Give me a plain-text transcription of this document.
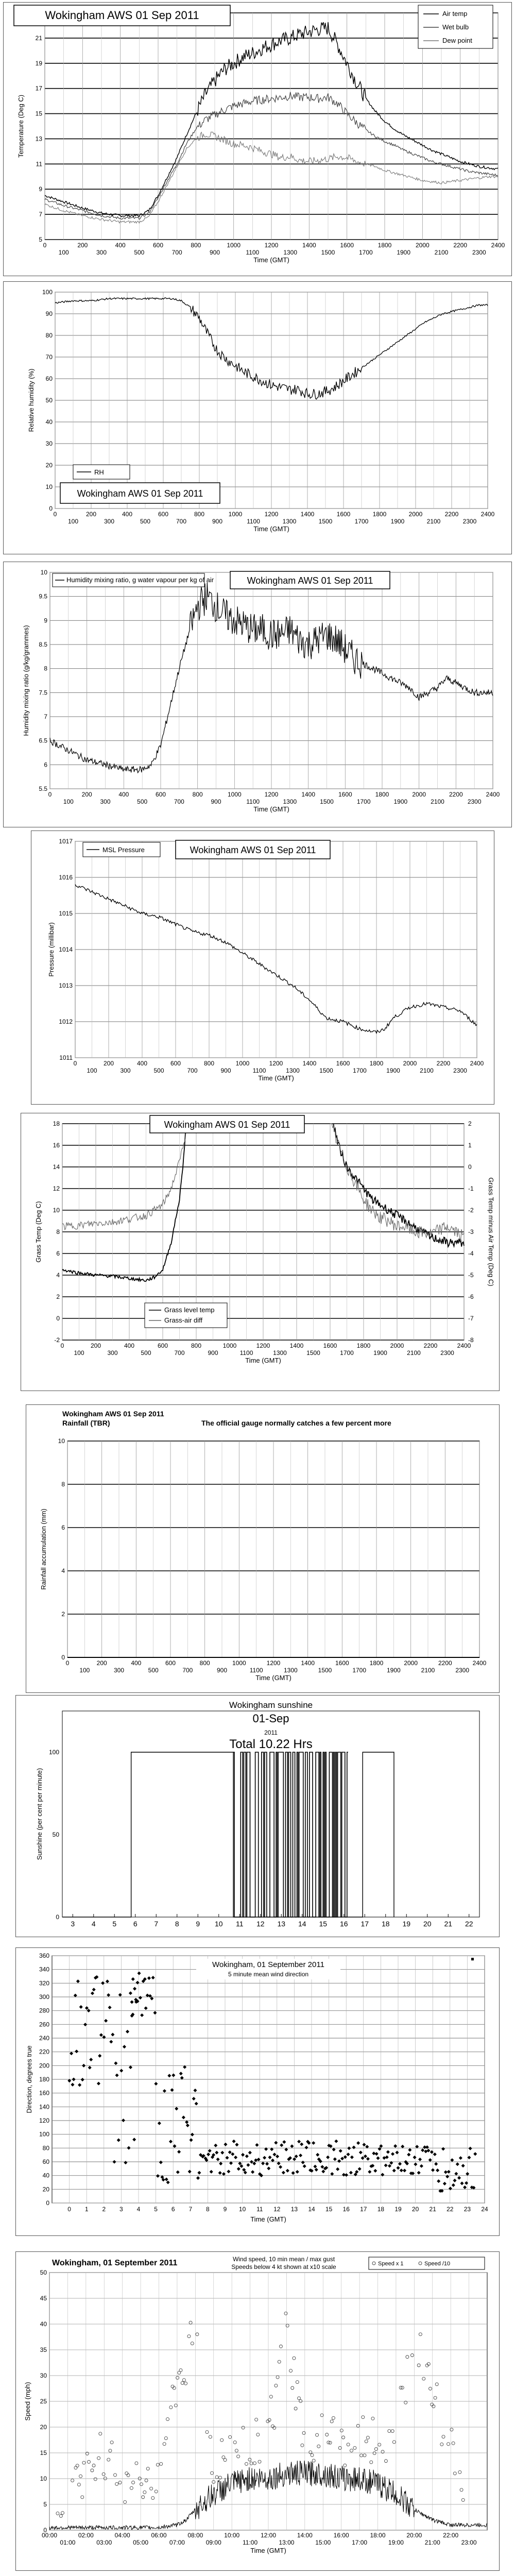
5
7
9
11
13
15
17
19
21
0	200	400	600	800	1000	1200	1400	1600	1800	2000	2200	2400
100	300	500	700	900	1100	1300	1500	1700	1900	2100	2300
Time (GMT)
Temperature (Deg C)
Wokingham AWS 01 Sep 2011	Air temp
Wet bulb
Dew point
0
10
20
30
40
50
60
70
80
90
100
0	200	400	600	800	1000	1200	1400	1600	1800	2000	2200	2400
100	300	500	700	900	1100	1300	1500	1700	1900	2100	2300
Time (GMT)
Relative humidity (%)
RH
Wokingham AWS 01 Sep 2011
5.5
6
6.5
7
7.5
8
8.5
9
9.5
10
0	200	400	600	800	1000	1200	1400	1600	1800	2000	2200	2400
100	300	500	700	900	1100	1300	1500	1700	1900	2100	2300
Time (GMT)
Humidity mixing ratio (g/kg/grammes)
Humidity mixing ratio, g water vapour per kg of air	Wokingham AWS 01 Sep 2011
1011
1012
1013
1014
1015
1016
1017
0	200	400	600	800	1000	1200	1400	1600	1800	2000	2200	2400
100	300	500	700	900	1100	1300	1500	1700	1900	2100	2300
Time (GMT)
Pressure (millibar)
MSL Pressure	Wokingham AWS 01 Sep 2011
-2
0
2
4
6
8
10
12
14
16
18
0	200	400	600	800	1000	1200	1400	1600	1800	2000	2200	2400
100	300	500	700	900	1100	1300	1500	1700	1900	2100	2300
Time (GMT)
Grass Temp (Deg C)
-8
-7
-6
-5
-4
-3
-2
-1
0
1
2
Grass Temp minus Air Temp (Deg C)
Wokingham AWS 01 Sep 2011
Grass level temp
Grass-air diff
0
2
4
6
8
10
0	200	400	600	800	1000	1200	1400	1600	1800	2000	2200	2400
100	300	500	700	900	1100	1300	1500	1700	1900	2100	2300
Time (GMT)
Rainfall accumulation (mm)
Wokingham AWS 01 Sep 2011
Rainfall (TBR)	The official gauge normally catches a few percent more
0
50
100
3 4 5 6 7 8 9 10 11 12 13 14 15 16 17 18 19 20 21 22
Sunshine (per cent per minute)
Wokingham sunshine
01-Sep
2011
Total 10.22 Hrs
0
20
40
60
80
100
120
140
160
180
200
220
240
260
280
300
320
340
360
0 1 2 3 4 5 6 7 8 9 10 11 12 13 14 15 16 17 18 19 20 21 22 23 24
Time (GMT)
Direction, degrees true
Wokingham, 01 September 2011
5 minute mean wind direction
0
5
10
15
20
25
30
35
40
45
50
00:00	02:00	04:00	06:00	08:00	10:00	12:00	14:00	16:00	18:00	20:00	22:00
01:00	03:00	05:00	07:00	09:00	11:00	13:00	15:00	17:00	19:00	21:00	23:00
Time (GMT)
Speed (mph)
Wokingham, 01 September 2011	Wind speed, 10 min mean / max gust
Speeds below 4 kt shown at x10 scale	Speed x 1	Speed /10
